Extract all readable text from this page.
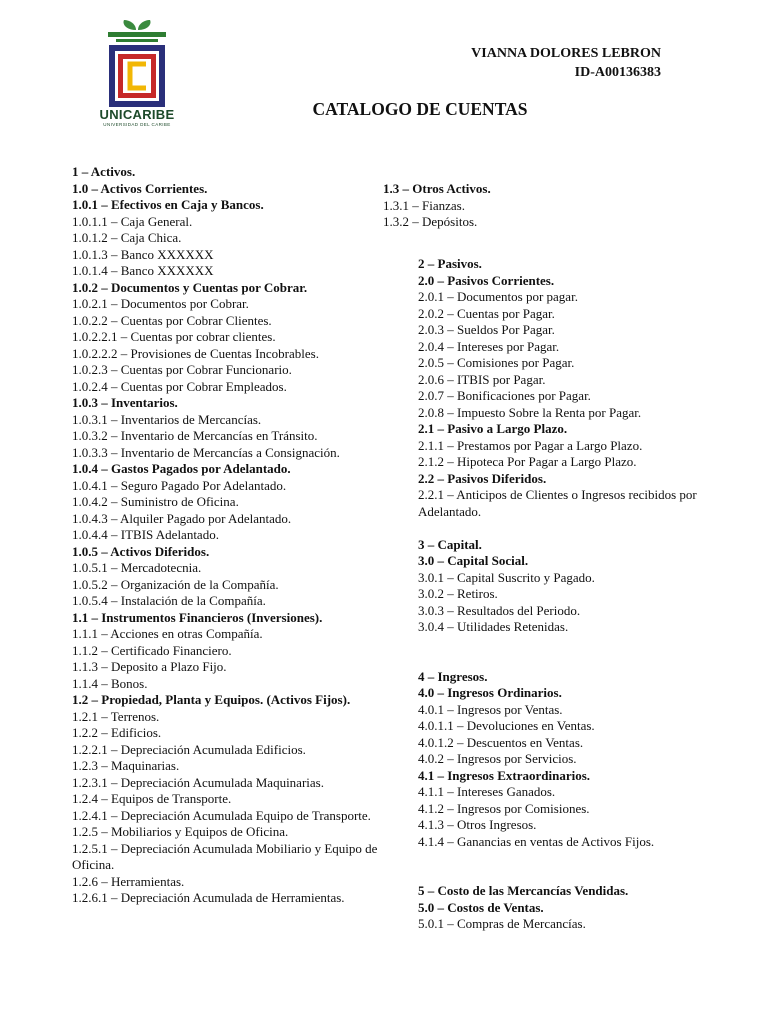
UNICARIBE
UNIVERSIDAD DEL CARIBE
VIANNA DOLORES LEBRON
ID-A00136383
CATALOGO DE CUENTAS
1 – Activos.
1.0 – Activos Corrientes.
1.0.1 – Efectivos en Caja y Bancos.
1.0.1.1 – Caja General.
1.0.1.2 – Caja Chica.
1.0.1.3 – Banco XXXXXX
1.0.1.4 – Banco XXXXXX
1.0.2 – Documentos y Cuentas por Cobrar.
1.0.2.1 – Documentos por Cobrar.
1.0.2.2 – Cuentas por Cobrar Clientes.
1.0.2.2.1 – Cuentas por cobrar clientes.
1.0.2.2.2 – Provisiones de Cuentas Incobrables.
1.0.2.3 – Cuentas por Cobrar Funcionario.
1.0.2.4 – Cuentas por Cobrar Empleados.
1.0.3 – Inventarios.
1.0.3.1 – Inventarios de Mercancías.
1.0.3.2 – Inventario de Mercancías en Tránsito.
1.0.3.3 – Inventario de Mercancías a Consignación.
1.0.4 – Gastos Pagados por Adelantado.
1.0.4.1 – Seguro Pagado Por Adelantado.
1.0.4.2 – Suministro de Oficina.
1.0.4.3 – Alquiler Pagado por Adelantado.
1.0.4.4 – ITBIS Adelantado.
1.0.5 – Activos Diferidos.
1.0.5.1 – Mercadotecnia.
1.0.5.2 – Organización de la Compañía.
1.0.5.4 – Instalación de la Compañía.
1.1 – Instrumentos Financieros (Inversiones).
1.1.1 – Acciones en otras Compañía.
1.1.2 – Certificado Financiero.
1.1.3 – Deposito a Plazo Fijo.
1.1.4 – Bonos.
1.2 – Propiedad, Planta y Equipos. (Activos Fijos).
1.2.1 – Terrenos.
1.2.2 – Edificios.
1.2.2.1 – Depreciación Acumulada Edificios.
1.2.3 – Maquinarias.
1.2.3.1 – Depreciación Acumulada Maquinarias.
1.2.4 – Equipos de Transporte.
1.2.4.1 – Depreciación Acumulada Equipo de Transporte.
1.2.5 – Mobiliarios y Equipos de Oficina.
1.2.5.1 – Depreciación Acumulada Mobiliario y Equipo de Oficina.
1.2.6 – Herramientas.
1.2.6.1 – Depreciación Acumulada de Herramientas.
1.3 – Otros Activos.
1.3.1 – Fianzas.
1.3.2 – Depósitos.
2 – Pasivos.
2.0 – Pasivos Corrientes.
2.0.1 – Documentos por pagar.
2.0.2 – Cuentas por Pagar.
2.0.3 – Sueldos Por Pagar.
2.0.4 – Intereses por Pagar.
2.0.5 – Comisiones por Pagar.
2.0.6 – ITBIS por Pagar.
2.0.7 – Bonificaciones por Pagar.
2.0.8 – Impuesto Sobre la Renta por Pagar.
2.1 – Pasivo a Largo Plazo.
2.1.1 – Prestamos por Pagar a Largo Plazo.
2.1.2 – Hipoteca Por Pagar a Largo Plazo.
2.2 – Pasivos Diferidos.
2.2.1 – Anticipos de Clientes o Ingresos recibidos por Adelantado.
3 – Capital.
3.0 – Capital Social.
3.0.1 – Capital Suscrito y Pagado.
3.0.2 – Retiros.
3.0.3 – Resultados del Periodo.
3.0.4 – Utilidades Retenidas.
4 – Ingresos.
4.0 – Ingresos Ordinarios.
4.0.1 – Ingresos por Ventas.
4.0.1.1 – Devoluciones en Ventas.
4.0.1.2 – Descuentos en Ventas.
4.0.2 – Ingresos por Servicios.
4.1 – Ingresos Extraordinarios.
4.1.1 – Intereses Ganados.
4.1.2 – Ingresos por Comisiones.
4.1.3 – Otros Ingresos.
4.1.4 – Ganancias en ventas de Activos Fijos.
5 – Costo de las Mercancías Vendidas.
5.0 – Costos de Ventas.
5.0.1 – Compras de Mercancías.
